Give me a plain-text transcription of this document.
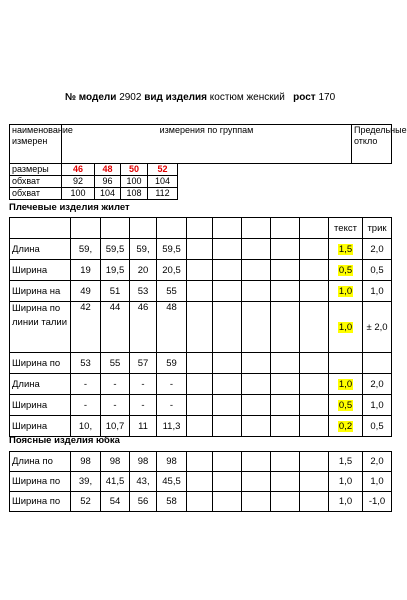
№ модели 2902 вид изделия костюм женский рост 170
наименование измерен	измерения по группам					Предельные откло
размеры	46	48	50	52		
обхват	92	96	100	104		
обхват	100	104	108	112		
Плечевые изделия жилет
										текст	трик
Длина	59,	59,5	59,	59,5						1,5	2,0
Ширина	19	19,5	20	20,5						0,5	0,5
Ширина на	49	51	53	55						1,0	1,0
Ширина по линии талии	42	44	46	48						1,0	± 2,0
Ширина по	53	55	57	59							
Длина	-	-	-	-						1,0	2,0
Ширина	-	-	-	-						0,5	1,0
Ширина	10,	10,7	11	11,3						0,2	0,5
Поясные изделия юбка
Длина по	98	98	98	98						1,5	2,0
Ширина по	39,	41,5	43,	45,5						1,0	1,0
Ширина по	52	54	56	58						1,0	-1,0
